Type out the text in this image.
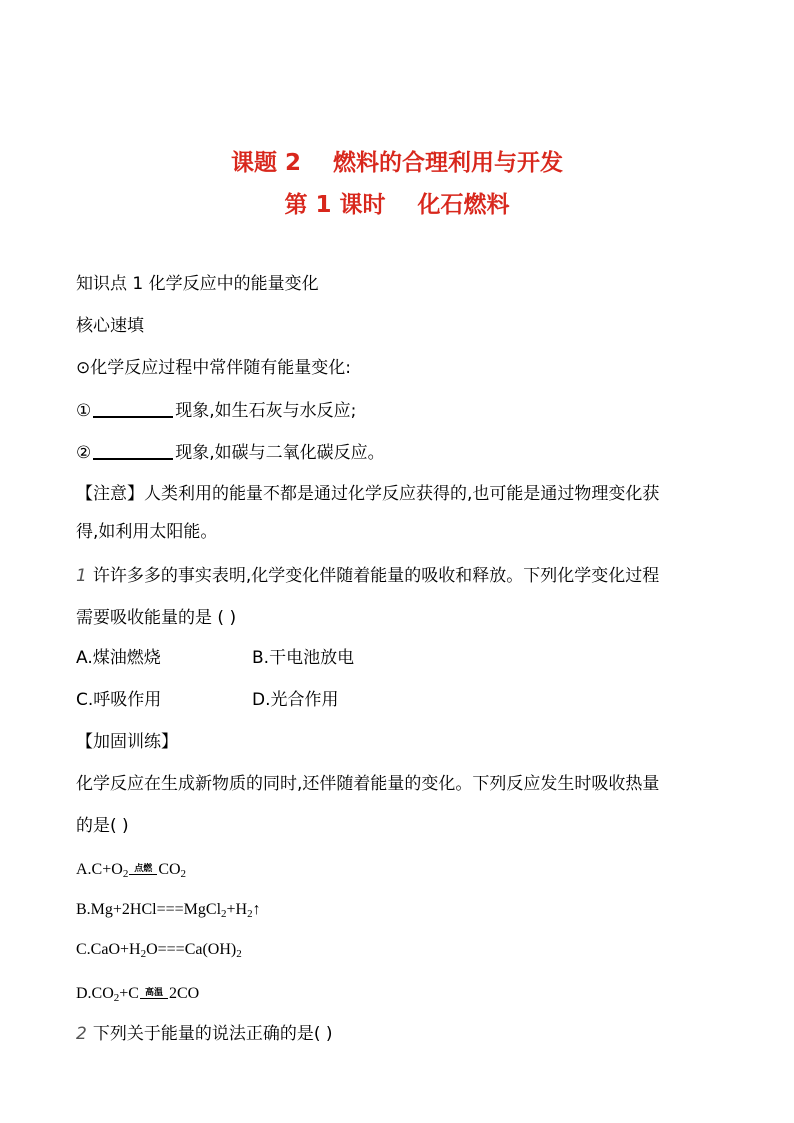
课题 2    燃料的合理利用与开发
第 1 课时    化石燃料
知识点 1 化学反应中的能量变化
核心速填
⊙化学反应过程中常伴随有能量变化:
①	现象,如生石灰与水反应;
②	现象,如碳与二氧化碳反应。
【注意】人类利用的能量不都是通过化学反应获得的,也可能是通过物理变化获
得,如利用太阳能。
1 许许多多的事实表明,化学变化伴随着能量的吸收和释放。下列化学变化过程
需要吸收能量的是 ( )
A.煤油燃烧	B.干电池放电
C.呼吸作用	D.光合作用
【加固训练】
化学反应在生成新物质的同时,还伴随着能量的变化。下列反应发生时吸收热量
的是( )
$A.C+O_2$ 点燃 $CO_2$
$B.Mg+2HCl===MgCl_2+H_2↑$
$C.CaO+H_2O===Ca(OH)_2$
$D.CO_2+C$ 高温 2CO
2 下列关于能量的说法正确的是( )
